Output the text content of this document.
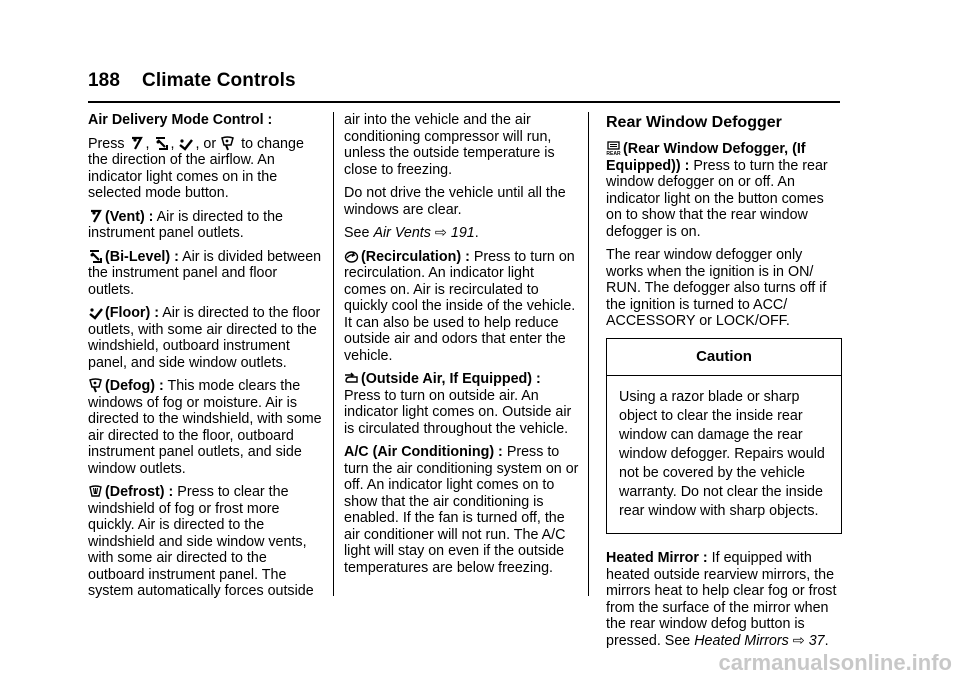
188 Climate Controls

Air Delivery Mode Control :

Press , , , or to change the direction of the airflow. An indicator light comes on in the selected mode button.

(Vent) : Air is directed to the instrument panel outlets.

(Bi-Level) : Air is divided between the instrument panel and floor outlets.

(Floor) : Air is directed to the floor outlets, with some air directed to the windshield, outboard instrument panel, and side window outlets.

(Defog) : This mode clears the windows of fog or moisture. Air is directed to the windshield, with some air directed to the floor, outboard instrument panel outlets, and side window outlets.

(Defrost) : Press to clear the windshield of fog or frost more quickly. Air is directed to the windshield and side window vents, with some air directed to the outboard instrument panel. The system automatically forces outside

air into the vehicle and the air conditioning compressor will run, unless the outside temperature is close to freezing.

Do not drive the vehicle until all the windows are clear.

See Air Vents ⇨ 191.

(Recirculation) : Press to turn on recirculation. An indicator light comes on. Air is recirculated to quickly cool the inside of the vehicle. It can also be used to help reduce outside air and odors that enter the vehicle.

(Outside Air, If Equipped) : Press to turn on outside air. An indicator light comes on. Outside air is circulated throughout the vehicle.

A/C (Air Conditioning) : Press to turn the air conditioning system on or off. An indicator light comes on to show that the air conditioning is enabled. If the fan is turned off, the air conditioner will not run. The A/C light will stay on even if the outside temperatures are below freezing.

Rear Window Defogger

REAR (Rear Window Defogger, (If Equipped)) : Press to turn the rear window defogger on or off. An indicator light on the button comes on to show that the rear window defogger is on.

The rear window defogger only works when the ignition is in ON/ RUN. The defogger also turns off if the ignition is turned to ACC/ ACCESSORY or LOCK/OFF.

Caution
Using a razor blade or sharp object to clear the inside rear window can damage the rear window defogger. Repairs would not be covered by the vehicle warranty. Do not clear the inside rear window with sharp objects.

Heated Mirror : If equipped with heated outside rearview mirrors, the mirrors heat to help clear fog or frost from the surface of the mirror when the rear window defog button is pressed. See Heated Mirrors ⇨ 37.

carmanualsonline.info
